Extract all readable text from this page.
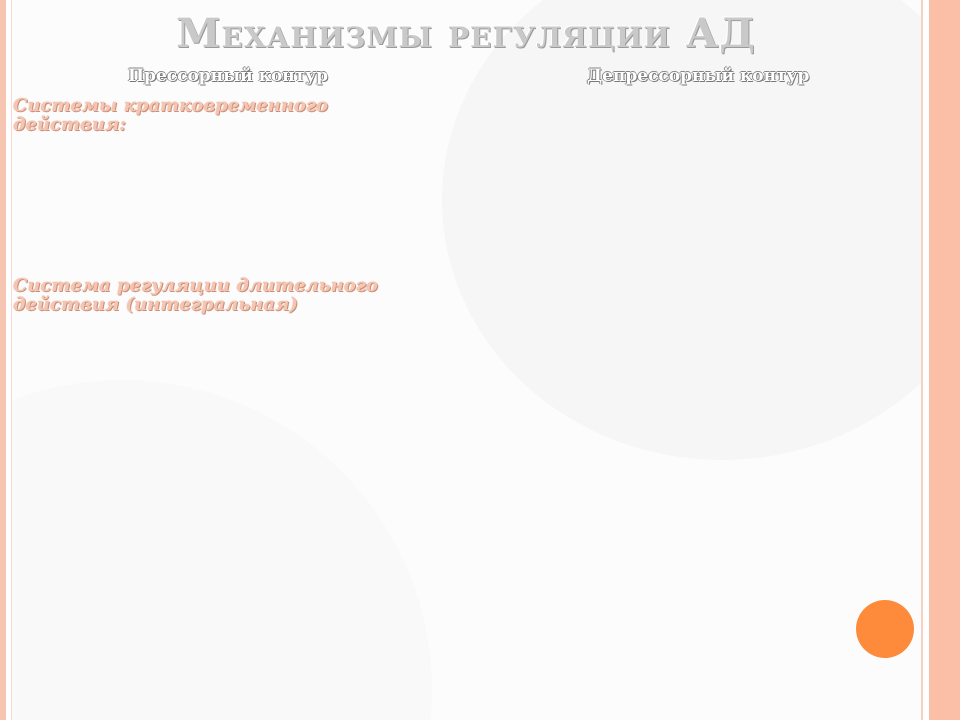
Механизмы регуляции АД
Прессорный контур	Депрессорный контур
Системы кратковременного
действия:
Система регуляции длительного
действия (интегральная)
